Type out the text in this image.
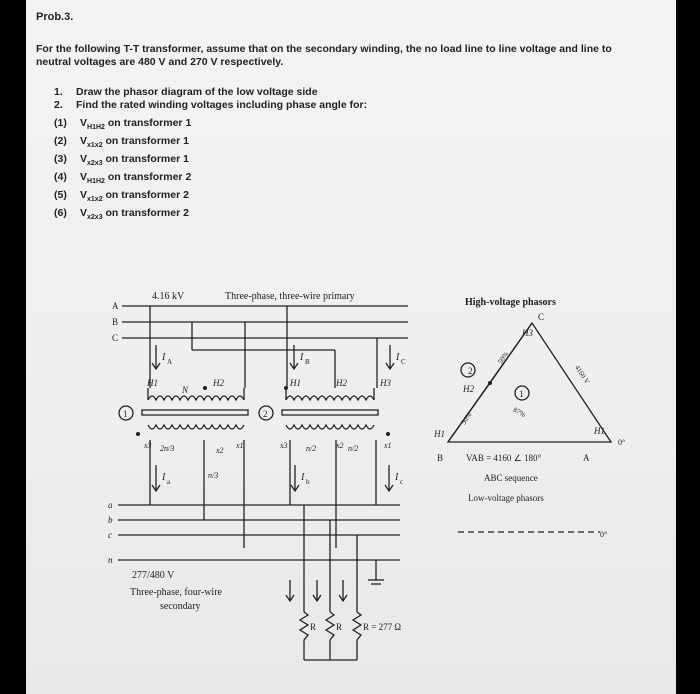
Prob.3.
For the following T-T transformer, assume that on the secondary winding, the no load line to line voltage and line to neutral voltages are 480 V and 270 V respectively.
1. Draw the phasor diagram of the low voltage side
2. Find the rated winding voltages including phase angle for:
(1) $V_{H1H2}$ on transformer 1
(2) $V_{x1x2}$ on transformer 1
(3) $V_{x2x3}$ on transformer 1
(4) $V_{H1H2}$ on transformer 2
(5) $V_{x1x2}$ on transformer 2
(6) $V_{x2x3}$ on transformer 2
4.16 kV	Three-phase, three-wire primary
High-voltage phasors
A
B
C
a
b
c
n
I A	I B	I C
I a	I b	I c
1	2
H1
N
H2	H1	H2	H3
x3
x2
x1	x3	x2	x1
2n/3
n/3
n/2	n/2
277/480 V
Three-phase, four-wire
secondary
R R R = 277 Ω
C
H3
H2
H1	H1
B	A
2
1
50%
50%	87%
4160 V
0°
VAB = 4160 ∠ 180°
ABC sequence
Low-voltage phasors
0°
